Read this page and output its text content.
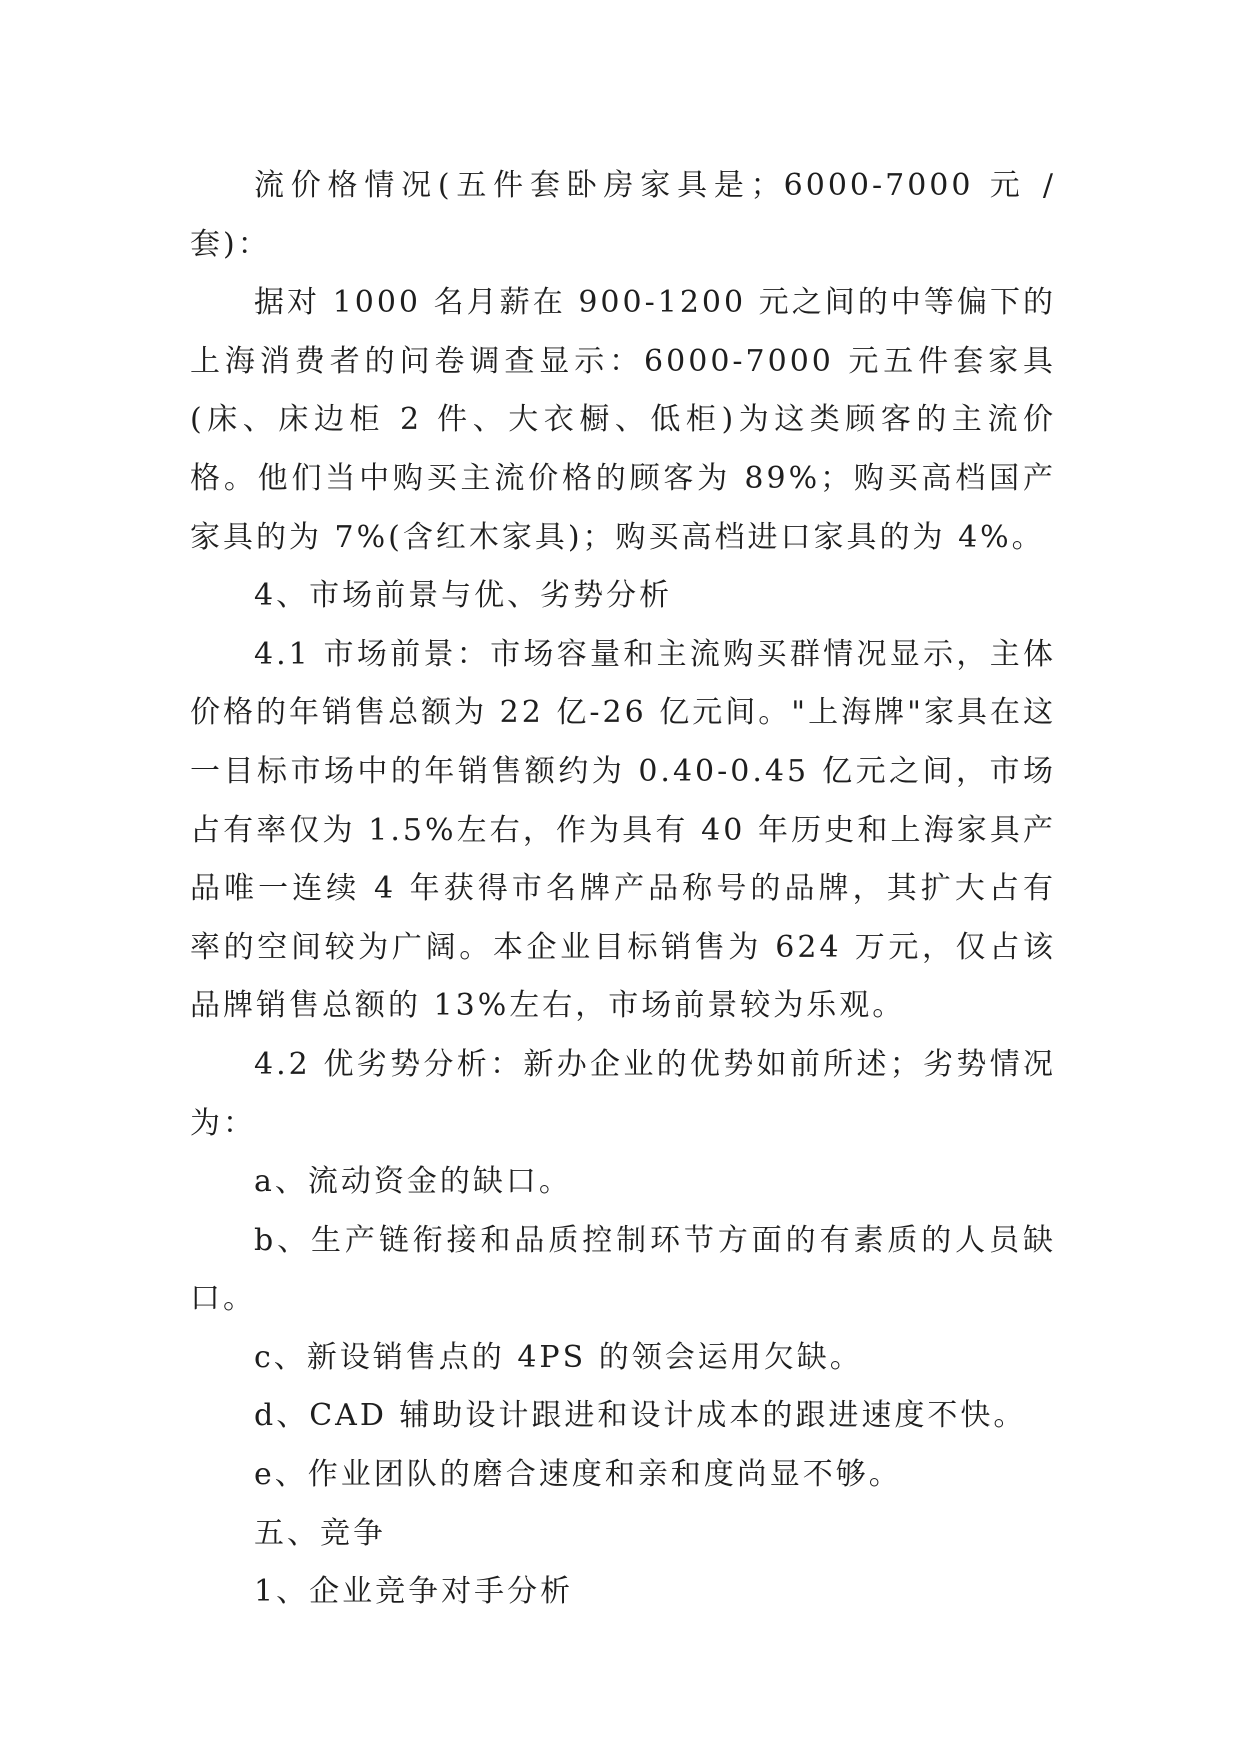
流价格情况(五件套卧房家具是；6000-7000 元 / 套)：

据对 1000 名月薪在 900-1200 元之间的中等偏下的上海消费者的问卷调查显示：6000-7000 元五件套家具(床、床边柜 2 件、大衣橱、低柜)为这类顾客的主流价格。他们当中购买主流价格的顾客为 89%；购买高档国产家具的为 7%(含红木家具)；购买高档进口家具的为 4%。

4、市场前景与优、劣势分析

4.1 市场前景：市场容量和主流购买群情况显示，主体价格的年销售总额为 22 亿-26 亿元间。"上海牌"家具在这一目标市场中的年销售额约为 0.40-0.45 亿元之间，市场占有率仅为 1.5%左右，作为具有 40 年历史和上海家具产品唯一连续 4 年获得市名牌产品称号的品牌，其扩大占有率的空间较为广阔。本企业目标销售为 624 万元，仅占该品牌销售总额的 13%左右，市场前景较为乐观。

4.2 优劣势分析：新办企业的优势如前所述；劣势情况为：

a、流动资金的缺口。

b、生产链衔接和品质控制环节方面的有素质的人员缺口。

c、新设销售点的 4PS 的领会运用欠缺。

d、CAD 辅助设计跟进和设计成本的跟进速度不快。

e、作业团队的磨合速度和亲和度尚显不够。

五、竞争

1、企业竞争对手分析
